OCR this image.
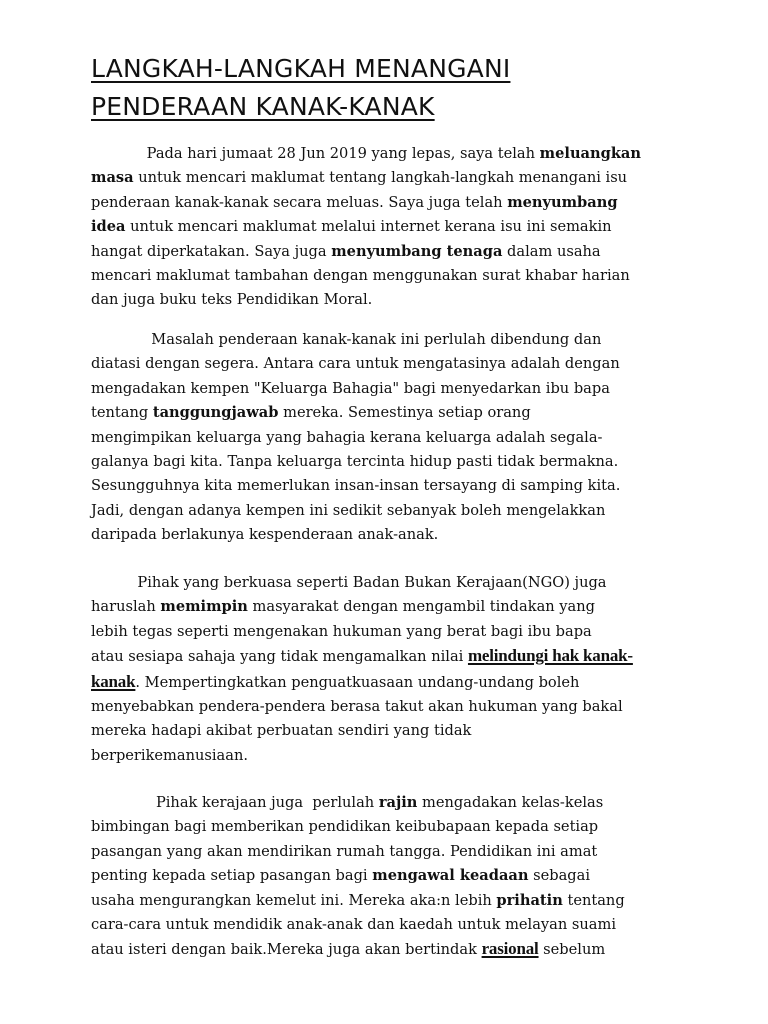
LANGKAH-LANGKAH MENANGANI
PENDERAAN KANAK-KANAK
Pada hari jumaat 28 Jun 2019 yang lepas, saya telah meluangkan
masa untuk mencari maklumat tentang langkah-langkah menangani isu
penderaan kanak-kanak secara meluas. Saya juga telah menyumbang
idea untuk mencari maklumat melalui internet kerana isu ini semakin
hangat diperkatakan. Saya juga menyumbang tenaga dalam usaha
mencari maklumat tambahan dengan menggunakan surat khabar harian
dan juga buku teks Pendidikan Moral.
Masalah penderaan kanak-kanak ini perlulah dibendung dan
diatasi dengan segera. Antara cara untuk mengatasinya adalah dengan
mengadakan kempen "Keluarga Bahagia" bagi menyedarkan ibu bapa
tentang tanggungjawab mereka. Semestinya setiap orang
mengimpikan keluarga yang bahagia kerana keluarga adalah segala-
galanya bagi kita. Tanpa keluarga tercinta hidup pasti tidak bermakna.
Sesungguhnya kita memerlukan insan-insan tersayang di samping kita.
Jadi, dengan adanya kempen ini sedikit sebanyak boleh mengelakkan
daripada berlakunya kespenderaan anak-anak.
Pihak yang berkuasa seperti Badan Bukan Kerajaan(NGO) juga
haruslah memimpin masyarakat dengan mengambil tindakan yang
lebih tegas seperti mengenakan hukuman yang berat bagi ibu bapa
atau sesiapa sahaja yang tidak mengamalkan nilai melindungi hak kanak-
kanak. Mempertingkatkan penguatkuasaan undang-undang boleh
menyebabkan pendera-pendera berasa takut akan hukuman yang bakal
mereka hadapi akibat perbuatan sendiri yang tidak
berperikemanusiaan.
Pihak kerajaan juga  perlulah rajin mengadakan kelas-kelas
bimbingan bagi memberikan pendidikan keibubapaan kepada setiap
pasangan yang akan mendirikan rumah tangga. Pendidikan ini amat
penting kepada setiap pasangan bagi mengawal keadaan sebagai
usaha mengurangkan kemelut ini. Mereka aka:n lebih prihatin tentang
cara-cara untuk mendidik anak-anak dan kaedah untuk melayan suami
atau isteri dengan baik.Mereka juga akan bertindak rasional sebelum
